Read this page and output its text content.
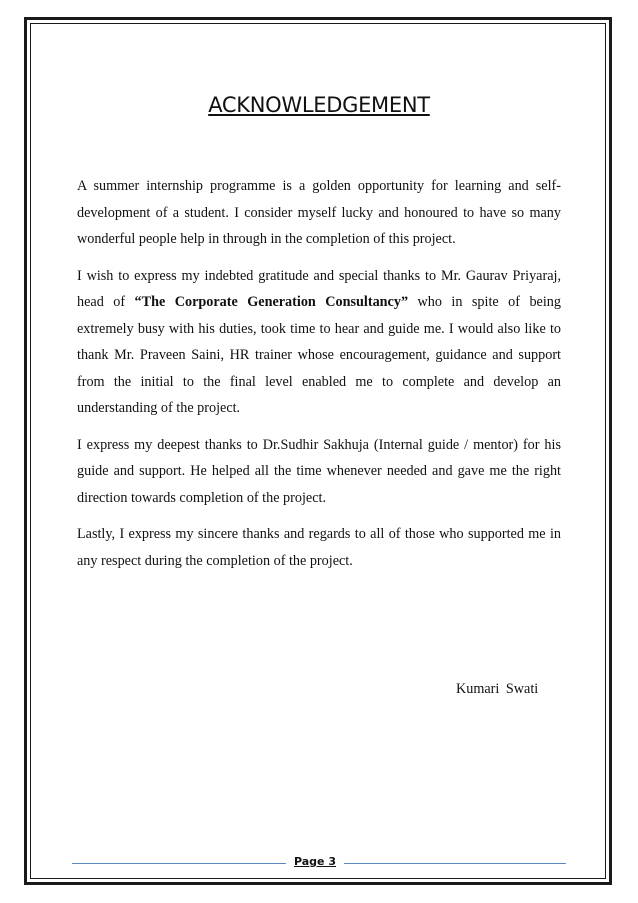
ACKNOWLEDGEMENT

A summer internship programme is a golden opportunity for learning and self-development of a student. I consider myself lucky and honoured to have so many wonderful people help in through in the completion of this project.

I wish to express my indebted gratitude and special thanks to Mr. Gaurav Priyaraj, head of “The Corporate Generation Consultancy” who in spite of being extremely busy with his duties, took time to hear and guide me. I would also like to thank Mr. Praveen Saini, HR trainer whose encouragement, guidance and support from the initial to the final level enabled me to complete and develop an understanding of the project.

I express my deepest thanks to Dr.Sudhir Sakhuja (Internal guide / mentor) for his guide and support. He helped all the time whenever needed and gave me the right direction towards completion of the project.

Lastly, I express my sincere thanks and regards to all of those who supported me in any respect during the completion of the project.

Kumari Swati
Page 3
